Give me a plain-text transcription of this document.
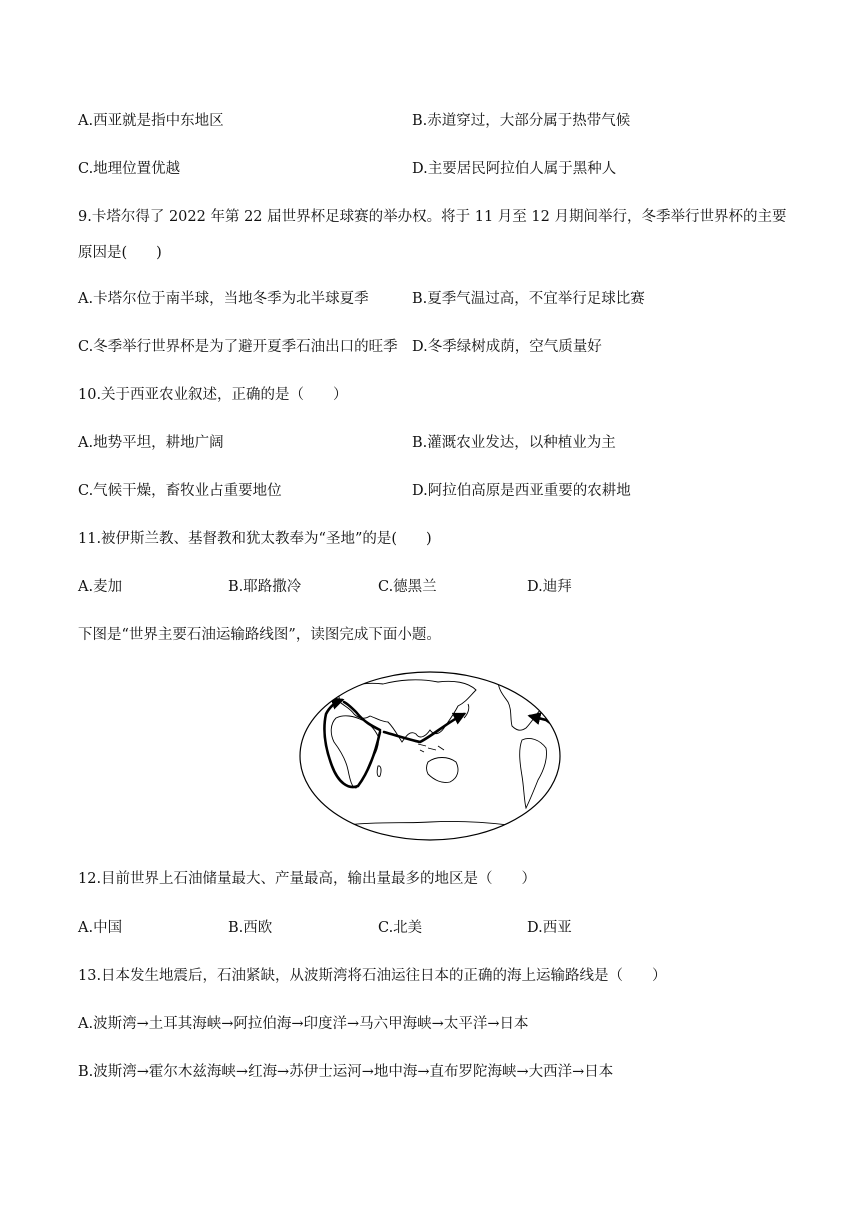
A.西亚就是指中东地区	B.赤道穿过，大部分属于热带气候
C.地理位置优越	D.主要居民阿拉伯人属于黑种人
9.卡塔尔得了 2022 年第 22 届世界杯足球赛的举办权。将于 11 月至 12 月期间举行，冬季举行世界杯的主要
原因是(　　)
A.卡塔尔位于南半球，当地冬季为北半球夏季	B.夏季气温过高，不宜举行足球比赛
C.冬季举行世界杯是为了避开夏季石油出口的旺季 D.冬季绿树成荫，空气质量好
10.关于西亚农业叙述，正确的是（　　）
A.地势平坦，耕地广阔	B.灌溉农业发达，以种植业为主
C.气候干燥，畜牧业占重要地位	D.阿拉伯高原是西亚重要的农耕地
11.被伊斯兰教、基督教和犹太教奉为“圣地”的是(　　)
A.麦加	B.耶路撒冷	C.德黑兰	D.迪拜
下图是“世界主要石油运输路线图”，读图完成下面小题。
12.目前世界上石油储量最大、产量最高，输出量最多的地区是（　　）
A.中国	B.西欧	C.北美	D.西亚
13.日本发生地震后，石油紧缺，从波斯湾将石油运往日本的正确的海上运输路线是（　　）
A.波斯湾→土耳其海峡→阿拉伯海→印度洋→马六甲海峡→太平洋→日本
B.波斯湾→霍尔木兹海峡→红海→苏伊士运河→地中海→直布罗陀海峡→大西洋→日本
